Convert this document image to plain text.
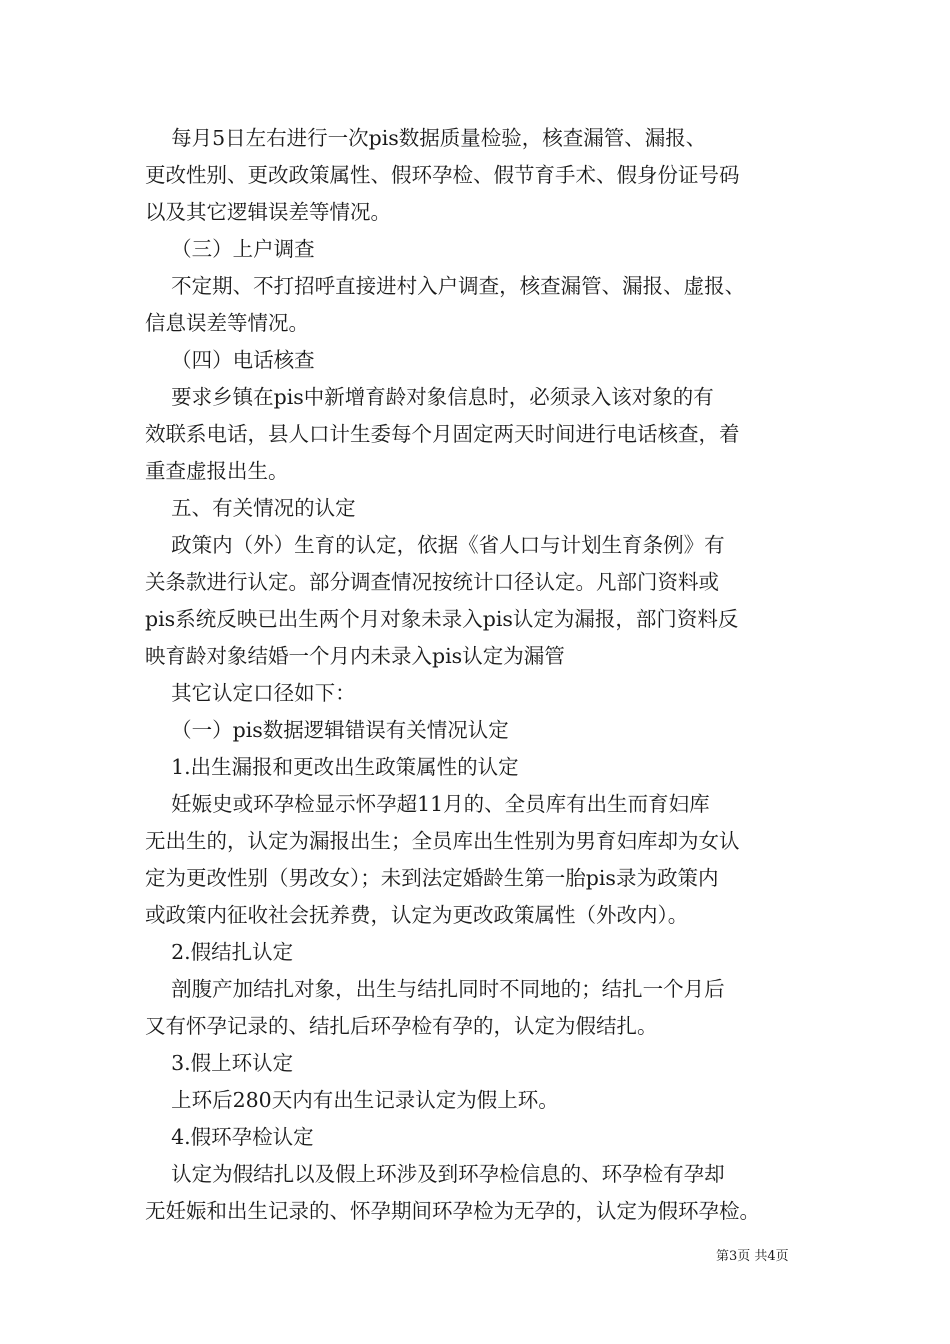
每月5日左右进行一次pis数据质量检验，核查漏管、漏报、
更改性别、更改政策属性、假环孕检、假节育手术、假身份证号码
以及其它逻辑误差等情况。
（三）上户调查
不定期、不打招呼直接进村入户调查，核查漏管、漏报、虚报、
信息误差等情况。
（四）电话核查
要求乡镇在pis中新增育龄对象信息时，必须录入该对象的有
效联系电话，县人口计生委每个月固定两天时间进行电话核查，着
重查虚报出生。
五、有关情况的认定
政策内（外）生育的认定，依据《省人口与计划生育条例》有
关条款进行认定。部分调查情况按统计口径认定。凡部门资料或
pis系统反映已出生两个月对象未录入pis认定为漏报，部门资料反
映育龄对象结婚一个月内未录入pis认定为漏管
其它认定口径如下：
（一）pis数据逻辑错误有关情况认定
1.出生漏报和更改出生政策属性的认定
妊娠史或环孕检显示怀孕超11月的、全员库有出生而育妇库
无出生的，认定为漏报出生；全员库出生性别为男育妇库却为女认
定为更改性别（男改女）；未到法定婚龄生第一胎pis录为政策内
或政策内征收社会抚养费，认定为更改政策属性（外改内）。
2.假结扎认定
剖腹产加结扎对象，出生与结扎同时不同地的；结扎一个月后
又有怀孕记录的、结扎后环孕检有孕的，认定为假结扎。
3.假上环认定
上环后280天内有出生记录认定为假上环。
4.假环孕检认定
认定为假结扎以及假上环涉及到环孕检信息的、环孕检有孕却
无妊娠和出生记录的、怀孕期间环孕检为无孕的，认定为假环孕检。
第3页 共4页
